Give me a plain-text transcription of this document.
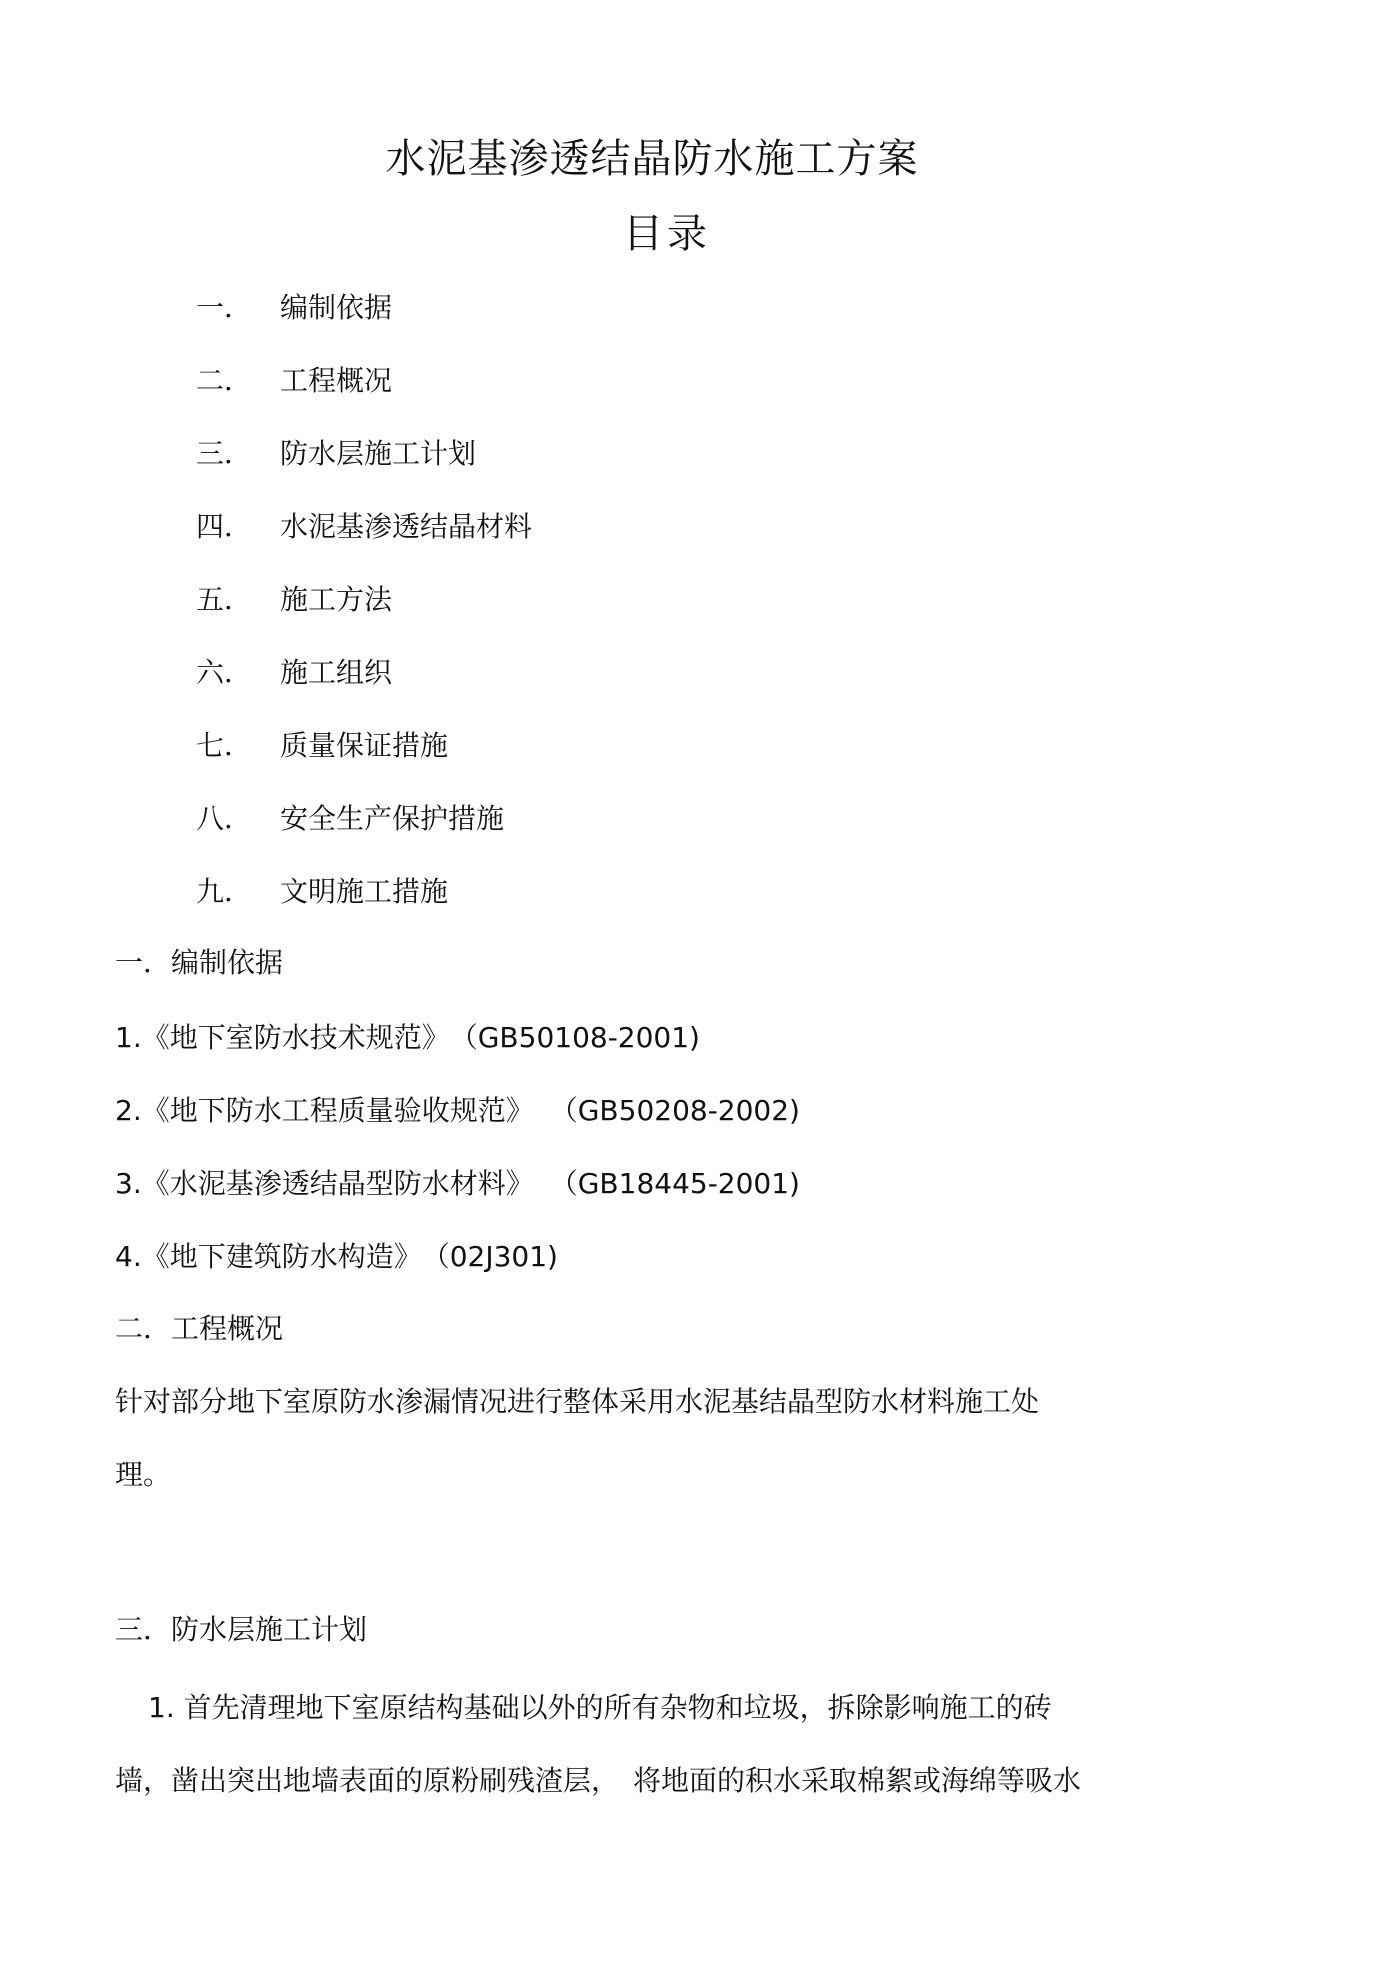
水泥基渗透结晶防水施工方案
目录
一． 编制依据
二． 工程概况
三． 防水层施工计划
四． 水泥基渗透结晶材料
五． 施工方法
六． 施工组织
七． 质量保证措施
八． 安全生产保护措施
九． 文明施工措施
一．编制依据
1.《地下室防水技术规范》 （GB50108-2001)
2.《地下防水工程质量验收规范》 （GB50208-2002)
3.《水泥基渗透结晶型防水材料》 （GB18445-2001)
4.《地下建筑防水构造》 （02J301)
二．工程概况
针对部分地下室原防水渗漏情况进行整体采用水泥基结晶型防水材料施工处
理。
三．防水层施工计划
1. 首先清理地下室原结构基础以外的所有杂物和垃圾，拆除影响施工的砖
墙，凿出突出地墙表面的原粉刷残渣层，　将地面的积水采取棉絮或海绵等吸水
